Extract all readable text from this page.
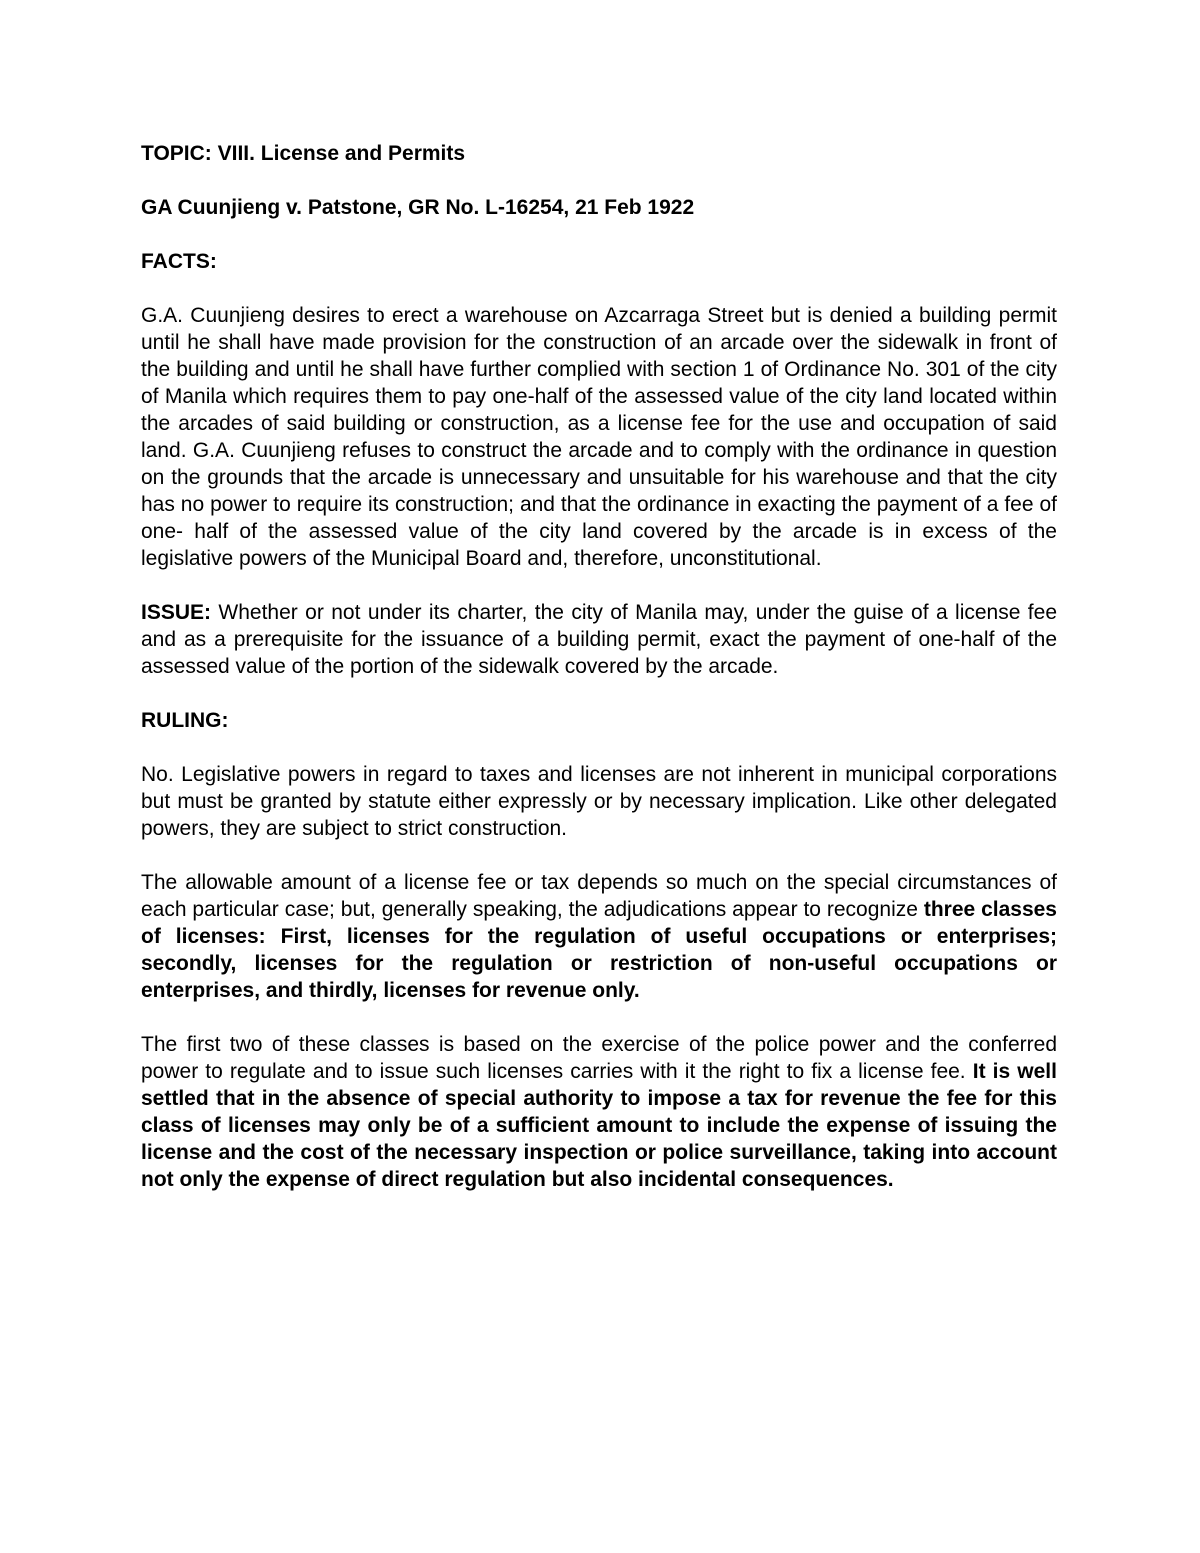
TOPIC: VIII. License and Permits

GA Cuunjieng v. Patstone, GR No. L-16254, 21 Feb 1922

FACTS:

G.A. Cuunjieng desires to erect a warehouse on Azcarraga Street but is denied a building permit until he shall have made provision for the construction of an arcade over the sidewalk in front of the building and until he shall have further complied with section 1 of Ordinance No. 301 of the city of Manila which requires them to pay one-half of the assessed value of the city land located within the arcades of said building or construction, as a license fee for the use and occupation of said land. G.A. Cuunjieng refuses to construct the arcade and to comply with the ordinance in question on the grounds that the arcade is unnecessary and unsuitable for his warehouse and that the city has no power to require its construction; and that the ordinance in exacting the payment of a fee of one- half of the assessed value of the city land covered by the arcade is in excess of the legislative powers of the Municipal Board and, therefore, unconstitutional.

ISSUE: Whether or not under its charter, the city of Manila may, under the guise of a license fee and as a prerequisite for the issuance of a building permit, exact the payment of one-half of the assessed value of the portion of the sidewalk covered by the arcade.

RULING:

No. Legislative powers in regard to taxes and licenses are not inherent in municipal corporations but must be granted by statute either expressly or by necessary implication. Like other delegated powers, they are subject to strict construction.

The allowable amount of a license fee or tax depends so much on the special circumstances of each particular case; but, generally speaking, the adjudications appear to recognize three classes of licenses: First, licenses for the regulation of useful occupations or enterprises; secondly, licenses for the regulation or restriction of non-useful occupations or enterprises, and thirdly, licenses for revenue only.

The first two of these classes is based on the exercise of the police power and the conferred power to regulate and to issue such licenses carries with it the right to fix a license fee. It is well settled that in the absence of special authority to impose a tax for revenue the fee for this class of licenses may only be of a sufficient amount to include the expense of issuing the license and the cost of the necessary inspection or police surveillance, taking into account not only the expense of direct regulation but also incidental consequences.
